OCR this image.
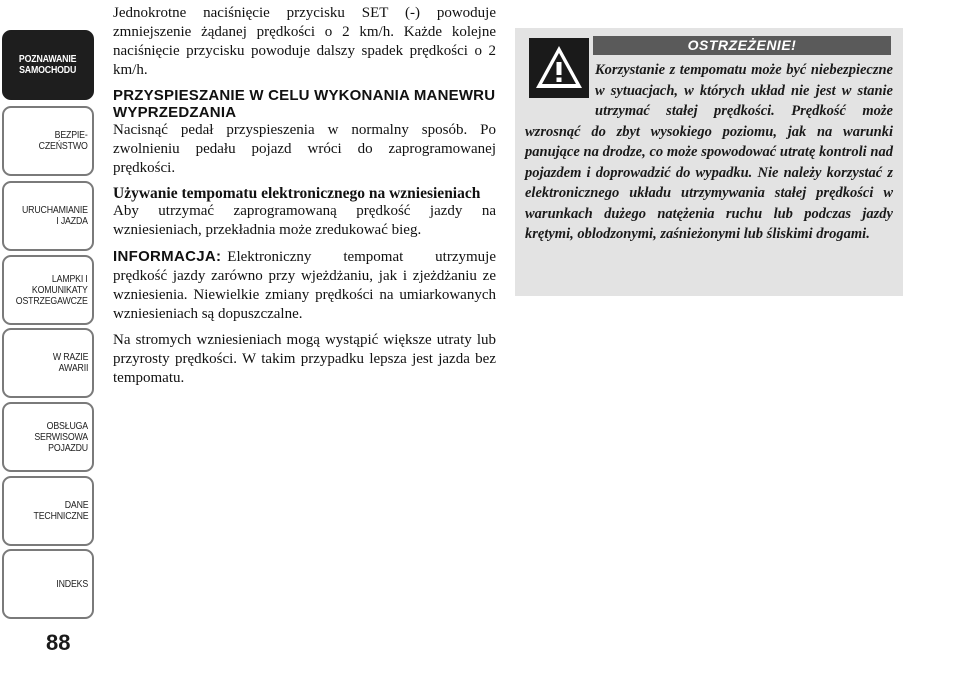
POZNAWANIE
SAMOCHODU
BEZPIE-
CZEŃSTWO
URUCHAMIANIE
I JAZDA
LAMPKI I
KOMUNIKATY
OSTRZEGAWCZE
W RAZIE
AWARII
OBSŁUGA
SERWISOWA
POJAZDU
DANE
TECHNICZNE
INDEKS
88

Jednokrotne naciśnięcie przycisku SET (-) powoduje zmniejszenie żądanej prędkości o 2 km/h. Każde kolejne naciśnięcie przycisku powoduje dalszy spadek prędkości o 2 km/h.

PRZYSPIESZANIE W CELU WYKONANIA MANEWRU WYPRZEDZANIA

Nacisnąć pedał przyspieszenia w normalny sposób. Po zwolnieniu pedału pojazd wróci do zaprogramowanej prędkości.

Używanie tempomatu elektronicznego na wzniesieniach

Aby utrzymać zaprogramowaną prędkość jazdy na wzniesieniach, przekładnia może zredukować bieg.

INFORMACJA: Elektroniczny tempomat utrzymuje prędkość jazdy zarówno przy wjeżdżaniu, jak i zjeżdżaniu ze wzniesienia. Niewielkie zmiany prędkości na umiarkowanych wzniesieniach są dopuszczalne.

Na stromych wzniesieniach mogą wystąpić większe utraty lub przyrosty prędkości. W takim przypadku lepsza jest jazda bez tempomatu.

OSTRZEŻENIE!
Korzystanie z tempomatu może być niebezpieczne w sytuacjach, w których układ nie jest w stanie utrzymać stałej prędkości. Prędkość może wzrosnąć do zbyt wysokiego poziomu, jak na warunki panujące na drodze, co może spowodować utratę kontroli nad pojazdem i doprowadzić do wypadku. Nie należy korzystać z elektronicznego układu utrzymywania stałej prędkości w warunkach dużego natężenia ruchu lub podczas jazdy krętymi, oblodzonymi, zaśnieżonymi lub śliskimi drogami.
